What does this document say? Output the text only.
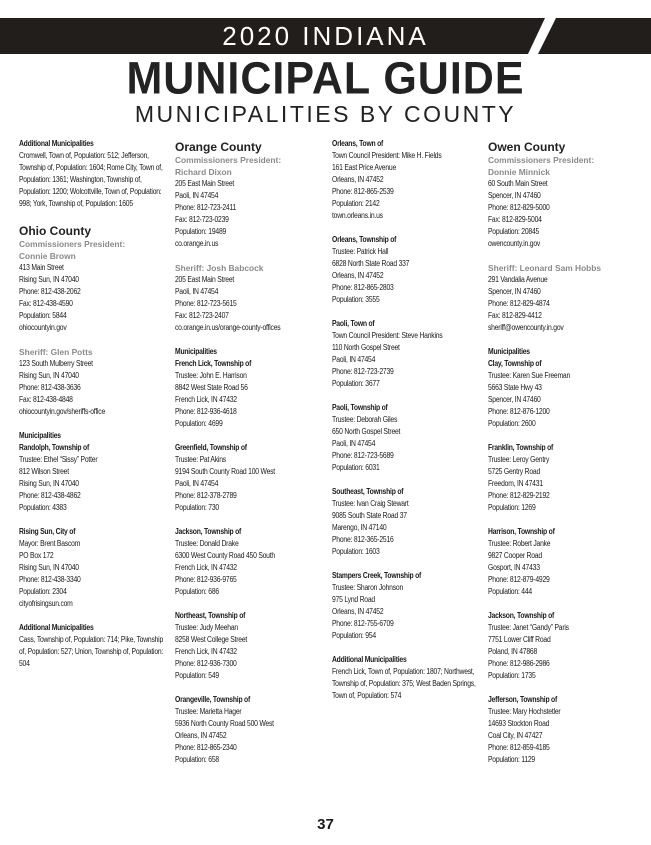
2020 INDIANA
MUNICIPAL GUIDE
MUNICIPALITIES BY COUNTY
Additional Municipalities
Cromwell, Town of, Population: 512; Jefferson, Township of, Population: 1604; Rome City, Town of, Population: 1361; Washington, Township of, Population: 1200; Wolcottville, Town of, Population: 998; York, Township of, Population: 1605
Ohio County
Commissioners President:
Connie Brown
413 Main Street
Rising Sun, IN 47040
Phone: 812-438-2062
Fax: 812-438-4590
Population: 5844
ohiocountyin.gov
Sheriff: Glen Potts
123 South Mulberry Street
Rising Sun, IN 47040
Phone: 812-438-3636
Fax: 812-438-4848
ohiocountyin.gov/sheriffs-office
Municipalities
Randolph, Township of
Trustee: Ethel “Sissy” Potter
812 Wilson Street
Rising Sun, IN 47040
Phone: 812-438-4862
Population: 4383
Rising Sun, City of
Mayor: Brent Bascom
PO Box 172
Rising Sun, IN 47040
Phone: 812-438-3340
Population: 2304
cityofrisingsun.com
Additional Municipalities
Cass, Township of, Population: 714; Pike, Township of, Population: 527; Union, Township of, Population: 504
Orange County
Commissioners President:
Richard Dixon
205 East Main Street
Paoli, IN 47454
Phone: 812-723-2411
Fax: 812-723-0239
Population: 19489
co.orange.in.us
Sheriff: Josh Babcock
205 East Main Street
Paoli, IN 47454
Phone: 812-723-5615
Fax: 812-723-2407
co.orange.in.us/orange-county-offices
Municipalities
French Lick, Township of
Trustee: John E. Harrison
8842 West State Road 56
French Lick, IN 47432
Phone: 812-936-4618
Population: 4699
Greenfield, Township of
Trustee: Pat Akins
9194 South County Road 100 West
Paoli, IN 47454
Phone: 812-378-2789
Population: 730
Jackson, Township of
Trustee: Donald Drake
6300 West County Road 450 South
French Lick, IN 47432
Phone: 812-936-9765
Population: 686
Northeast, Township of
Trustee: Judy Meehan
8258 West College Street
French Lick, IN 47432
Phone: 812-936-7300
Population: 549
Orangeville, Township of
Trustee: Marietta Hager
5936 North County Road 500 West
Orleans, IN 47452
Phone: 812-865-2340
Population: 658
Orleans, Town of
Town Council President: Mike H. Fields
161 East Price Avenue
Orleans, IN 47452
Phone: 812-865-2539
Population: 2142
town.orleans.in.us
Orleans, Township of
Trustee: Patrick Hall
6828 North State Road 337
Orleans, IN 47452
Phone: 812-865-2803
Population: 3555
Paoli, Town of
Town Council President: Steve Hankins
110 North Gospel Street
Paoli, IN 47454
Phone: 812-723-2739
Population: 3677
Paoli, Township of
Trustee: Deborah Giles
650 North Gospel Street
Paoli, IN 47454
Phone: 812-723-5689
Population: 6031
Southeast, Township of
Trustee: Ivan Craig Stewart
9085 South State Road 37
Marengo, IN 47140
Phone: 812-365-2516
Population: 1603
Stampers Creek, Township of
Trustee: Sharon Johnson
975 Lynd Road
Orleans, IN 47452
Phone: 812-755-6709
Population: 954
Additional Municipalities
French Lick, Town of, Population: 1807; Northwest, Township of, Population: 375; West Baden Springs, Town of, Population: 574
Owen County
Commissioners President:
Donnie Minnick
60 South Main Street
Spencer, IN 47460
Phone: 812-829-5000
Fax: 812-829-5004
Population: 20845
owencounty.in.gov
Sheriff: Leonard Sam Hobbs
291 Vandalia Avenue
Spencer, IN 47460
Phone: 812-829-4874
Fax: 812-829-4412
sheriff@owencounty.in.gov
Municipalities
Clay, Township of
Trustee: Karen Sue Freeman
5663 State Hwy 43
Spencer, IN 47460
Phone: 812-876-1200
Population: 2600
Franklin, Township of
Trustee: Leroy Gentry
5725 Gentry Road
Freedom, IN 47431
Phone: 812-829-2192
Population: 1269
Harrison, Township of
Trustee: Robert Janke
9827 Cooper Road
Gosport, IN 47433
Phone: 812-879-4929
Population: 444
Jackson, Township of
Trustee: Janet “Gandy” Paris
7751 Lower Cliff Road
Poland, IN 47868
Phone: 812-986-2986
Population: 1735
Jefferson, Township of
Trustee: Mary Hochstetler
14693 Stockton Road
Coal City, IN 47427
Phone: 812-859-4185
Population: 1129
37
